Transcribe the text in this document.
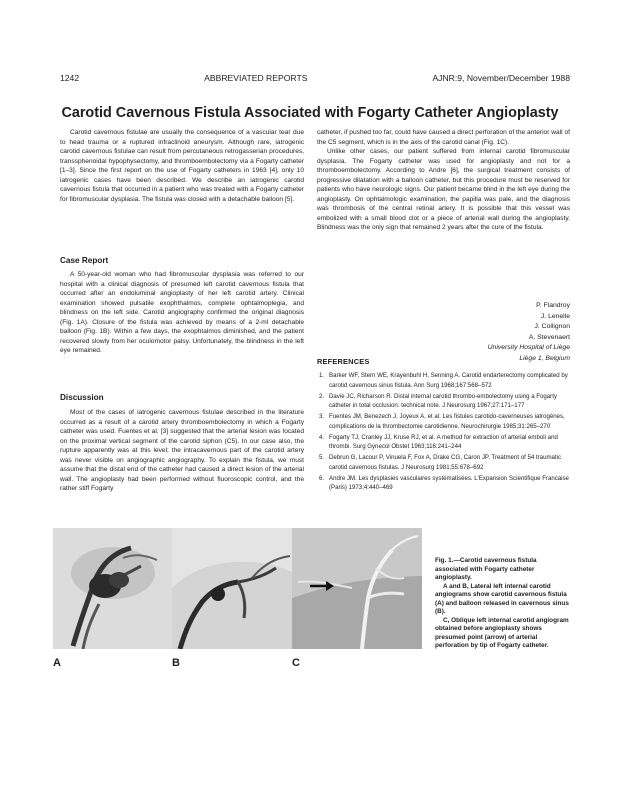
1242	ABBREVIATED REPORTS	AJNR:9, November/December 1988
Carotid Cavernous Fistula Associated with Fogarty Catheter Angioplasty

Carotid cavernous fistulae are usually the consequence of a vascular tear due to head trauma or a ruptured infraclinoid aneurysm. Although rare, iatrogenic carotid cavernous fistulae can result from percutaneous retrogasserian procedures, transsphenoidal hypophysectomy, and thromboembolectomy via a Fogarty catheter [1–3]. Since the first report on the use of Fogarty catheters in 1963 [4], only 10 iatrogenic cases have been described. We describe an iatrogenic carotid cavernous fistula that occurred in a patient who was treated with a Fogarty catheter for fibromuscular dysplasia. The fistula was closed with a detachable balloon [5].

Case Report

A 50-year-old woman who had fibromuscular dysplasia was referred to our hospital with a clinical diagnosis of presumed left carotid cavernous fistula that occurred after an endoluminal angioplasty of her left carotid artery. Clinical examination showed pulsatile exophthalmos, complete ophtalmoplegia, and blindness on the left side. Carotid angiography confirmed the original diagnosis (Fig. 1A). Closure of the fistula was achieved by means of a 2-ml detachable balloon (Fig. 1B). Within a few days, the exophtalmos diminished, and the patient recovered slowly from her oculomotor palsy. Unfortunately, the blindness in the left eye remained.

Discussion

Most of the cases of iatrogenic cavernous fistulae described in the literature occurred as a result of a carotid artery thromboembolectomy in which a Fogarty catheter was used. Fuentes et al. [3] suggested that the arterial lesion was located on the proximal vertical segment of the carotid siphon (C5). In our case also, the rupture apparently was at this level; the intracavernous part of the carotid artery was never visible on angiographic angiography. To explain the fistula, we must assume that the distal end of the catheter had caused a direct lesion of the arterial wall. The angioplasty had been performed without fluoroscopic control, and the rather stiff Fogarty

catheter, if pushed too far, could have caused a direct perforation of the anterior wall of the C5 segment, which is in the axis of the carotid canal (Fig. 1C).

Unlike other cases, our patient suffered from internal carotid fibromuscular dysplasia. The Fogarty catheter was used for angioplasty and not for a thromboembolectomy. According to Andre [6], the surgical treatment consists of progressive dilatation with a balloon catheter, but this procedure must be reserved for patients who have neurologic signs. Our patient became blind in the left eye during the angioplasty. On ophtalmologic examination, the papilla was pale, and the diagnosis was thrombosis of the central retinal artery. It is possible that this vessel was embolized with a small blood clot or a piece of arterial wall during the angioplasty. Blindness was the only sign that remained 2 years after the cure of the fistula.

P. Flandroy
J. Lenelle
J. Collignon
A. Stevenaert
University Hospital of Liège
Liège 1, Belgium
REFERENCES
1. Barker WF, Stern WE, Krayenbuhl H, Senning A. Carotid endarterectomy complicated by carotid cavernous sinus fistula. Ann Surg 1968;167:568–572
2. Davie JC, Richarson R. Distal internal carotid thrombo-embolectomy using a Fogarty catheter in total occlusion: technical note. J Neurosurg 1967;27:171–177
3. Fuentes JM, Benezech J, Joyeux A, et al. Les fistules carotido-caverneuses iatrogènes, complications de la thrombectomie carotidienne. Neurochirurgie 1985;31:265–270
4. Fogarty TJ, Cranley JJ, Kruse RJ, et al. A method for extraction of arterial emboli and thrombi. Surg Gynecol Obstet 1963;116:241–244
5. Debrun G, Lacour P, Vinuela F, Fox A, Drake CG, Caron JP. Treatment of 54 traumatic carotid cavernous fistulas. J Neurosurg 1981;55:678–692
6. Andre JM. Les dysplasies vasculaires systématisées. L'Expansion Scientifique Francaise (Paris) 1973;4:440–469
A	B	C

Fig. 1.—Carotid cavernous fistula associated with Fogarty catheter angioplasty.

A and B, Lateral left internal carotid angiograms show carotid cavernous fistula (A) and balloon released in cavernous sinus (B).

C, Oblique left internal carotid angiogram obtained before angioplasty shows presumed point (arrow) of arterial perforation by tip of Fogarty catheter.
